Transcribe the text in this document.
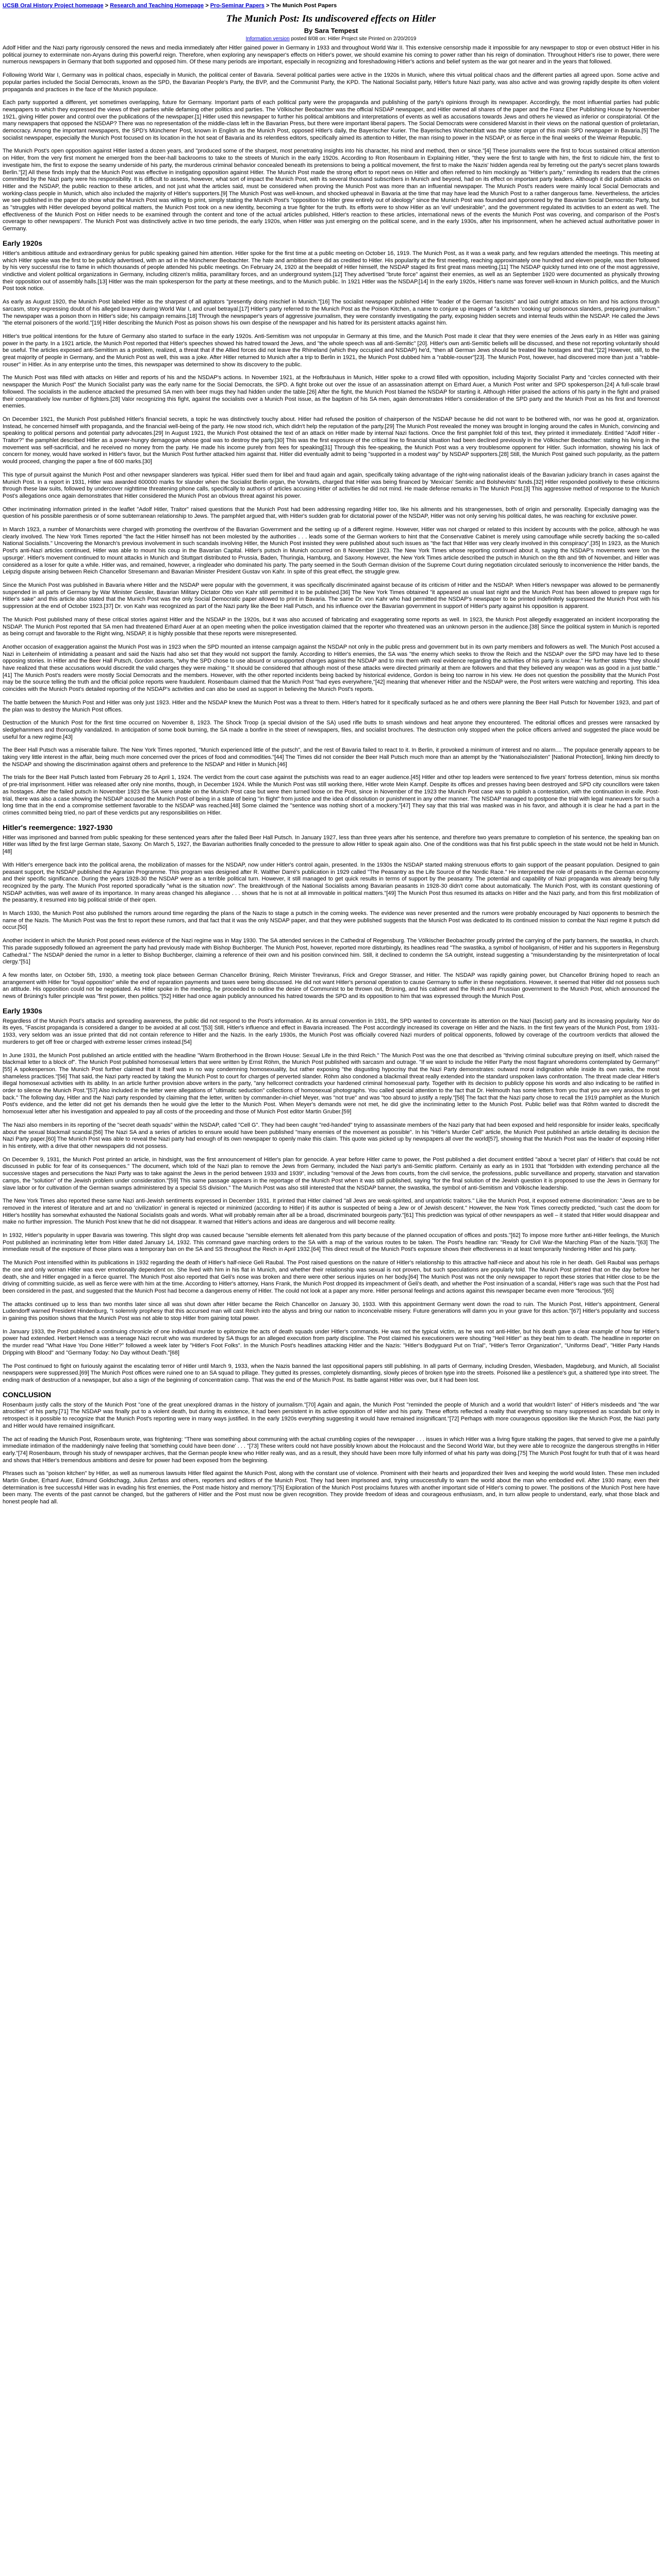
UCSB Oral History Project homepage > Research and Teaching Homepage > Pro-Seminar Papers > The Munich Post Papers
The Munich Post: Its undiscovered effects on Hitler
By Sara Tempest
Information version posted 8/08 on: Hitler Project site Printed on 2/20/2019

Adolf Hitler and the Nazi party rigorously censored the news and media immediately after Hitler gained power in Germany in 1933 and throughout World War II. This extensive censorship made it impossible for any newspaper to stop or even obstruct Hitler in his political journey to exterminate non-Aryans during this powerful reign. Therefore, when exploring any newspaper's effects on Hitler's power, we should examine his coming to power rather than his reign of domination. Throughout Hitler's rise to power, there were numerous newspapers in Germany that both supported and opposed him. Of these many periods are important, especially in recognizing and foreshadowing Hitler's actions and belief system as the war got nearer and in the years that followed.

Following World War I, Germany was in political chaos, especially in Munich, the political center of Bavaria. Several political parties were active in the 1920s in Munich, where this virtual political chaos and the different parties all agreed upon. Some active and popular parties included the Social Democrats, known as the SPD, the Bavarian People's Party, the BVP, and the Communist Party, the KPD. The National Socialist party, Hitler's future Nazi party, was also active and was growing rapidly despite its often violent propaganda and practices in the face of the Munich populace.

Each party supported a different, yet sometimes overlapping, future for Germany. Important parts of each political party were the propaganda and publishing of the party's opinions through its newspaper. Accordingly, the most influential parties had public newspapers to which they expressed the views of their parties while defaming other politics and parties. The Völkischer Beobachter was the official NSDAP newspaper, and Hitler owned all shares of the paper and the Franz Eher Publishing House by November 1921, giving Hitler power and control over the publications of the newspaper.[1] Hitler used this newspaper to further his political ambitions and interpretations of events as well as accusations towards Jews and others he viewed as inferior or conspiratorial. Of the many newspapers that opposed the NSDAP? There was no representation of the middle-class left in the Bavarian Press, but there were important liberal papers. The Social Democrats were considered Marxist in their views on the national question of proletarian, democracy. Among the important newspapers, the SPD's Münchener Post, known in English as the Munich Post, opposed Hitler's daily, the Bayerischer Kurier. The Bayerisches Wochenblatt was the sister organ of this main SPD newspaper in Bavaria.[5] The socialist newspaper, especially the Munich Post focused on its location in the hot seat of Bavaria and its relentless editors, specifically aimed its attention to Hitler, the man rising to power in the NSDAP, or as fierce in the final weeks of the Weimar Republic.

The Munich Post's open opposition against Hitler lasted a dozen years, and "produced some of the sharpest, most penetrating insights into his character, his mind and method, then or since."[4] These journalists were the first to focus sustained critical attention on Hitler, from the very first moment he emerged from the beer-hall backrooms to take to the streets of Munich in the early 1920s. According to Ron Rosenbaum in Explaining Hitler, "they were the first to tangle with him, the first to ridicule him, the first to investigate him, the first to expose the seamy underside of his party, the murderous criminal behavior concealed beneath its pretensions to being a political movement, the first to make the Nazis' hidden agenda real by ferreting out the party's secret plans towards Berlin."[2] All these finds imply that the Munich Post was effective in instigating opposition against Hitler. The Munich Post made the strong effort to report news on Hitler and often referred to him mockingly as "Hitler's party," reminding its readers that the crimes committed by the Nazi party were his responsibility. It is difficult to assess, however, what sort of impact the Munich Post, with its several thousand subscribers in Munich and beyond, had on its effect on important party leaders. Although it did publish attacks on Hitler and the NSDAP, the public reaction to these articles, and not just what the articles said, must be considered when proving the Munich Post was more than an influential newspaper. The Munich Post's readers were mainly local Social Democrats and working-class people in Munich, which also included the majority of Hitler's supporters.[9] The Munich Post was well-known, and shocked upheaval in Bavaria at the time that may have lead the Munich Post to a rather dangerous fame. Nevertheless, the articles we see published in the paper do show what the Munich Post was willing to print, simply stating the Munich Post's "opposition to Hitler grew entirely out of ideology" since the Munich Post was founded and sponsored by the Bavarian Social Democratic Party, but as "struggles with Hitler developed beyond political matters, the Munich Post took on a new identity, becoming a true fighter for the truth. Its efforts were to show Hitler as an 'evil' undesirable", and the government regulated its activities to an extent as well. The effectiveness of the Munich Post on Hitler needs to be examined through the content and tone of the actual articles published, Hitler's reaction to these articles, international news of the events the Munich Post was covering, and comparison of the Post's coverage to other newspapers'. The Munich Post was distinctively active in two time periods, the early 1920s, when Hitler was just emerging on the political scene, and in the early 1930s, after his imprisonment, when he achieved actual authoritative power in Germany.

Early 1920s

Hitler's ambitious attitude and extraordinary genius for public speaking gained him attention. Hitler spoke for the first time at a public meeting on October 16, 1919. The Munich Post, as it was a weak party, and few regulars attended the meetings. This meeting at which Hitler spoke was the first to be publicly advertised, with an ad in the Münchener Beobachter. The hate and ambition there did as credited to Hitler. His popularity at the first meeting, reaching approximately one hundred and eleven people, was then followed by his very successful rise to fame in which thousands of people attended his public meetings. On February 24, 1920 at the beepaldt of Hitler himself, the NSDAP staged its first great mass meeting.[11] The NSDAP quickly turned into one of the most aggressive, vindictive and violent political organizations in Germany, including citizen's militia, paramilitary forces, and an underground system.[12] They advertised "brute force" against their enemies, as well as an September 1920 were documented as physically throwing their opposition out of assembly halls.[13] Hitler was the main spokesperson for the party at these meetings, and to the Munich public. In 1921 Hitler was the NSDAP.[14] In the early 1920s, Hitler's name was forever well-known in Munich politics, and the Munich Post took notice.

As early as August 1920, the Munich Post labeled Hitler as the sharpest of all agitators "presently doing mischief in Munich."[16] The socialist newspaper published Hitler "leader of the German fascists" and laid outright attacks on him and his actions through sarcasm, story expressing doubt of his alleged bravery during World War I, and cruel betrayal.[17] Hitler's party referred to the Munich Post as the Poison Kitchen, a name to conjure up images of "a kitchen 'cooking up' poisonous slanders, preparing journalism." The newspaper was a poison thorn in Hitler's side; his campaign remains.[18] Through the newspaper's years of aggressive journalism, they were constantly investigating the party, exposing hidden secrets and internal feuds within the NSDAP. He called the Jews "the eternal poisoners of the world."[19] Hitler describing the Munich Post as poison shows his own despise of the newspaper and his hatred for its persistent attacks against him.

Hitler's true political intentions for the future of Germany also started to surface in the early 1920s. Anti-Semitism was not unpopular in Germany at this time, and the Munich Post made it clear that they were enemies of the Jews early in as Hitler was gaining power in the party. In a 1921 article, the Munich Post reported that Hitler's speeches showed his hatred toward the Jews, and "the whole speech was all anti-Semitic" [20]. Hitler's own anti-Semitic beliefs will be discussed, and these not reporting voluntarily should be useful. The articles exposed anti-Semitism as a problem, realized, a threat that if the Allied forces did not leave the Rhineland (which they occupied and NSDAP) he'd, "then all German Jews should be treated like hostages and that."[22] However, still, to the great majority of people in Germany, and the Munich Post as well, this was a joke. After Hitler returned to Munich after a trip to Berlin in 1921, the Munich Post dubbed him a "rabble-rouser"[23]. The Munich Post, however, had discovered more than just a "rabble-rouser" in Hitler. As in any enterprise unto the times, this newspaper was determined to show its discovery to the public.

The Munich Post was filled with attacks on Hitler and reports of his and the NSDAP's actions. In November 1921, at the Hofbräuhaus in Munich, Hitler spoke to a crowd filled with opposition, including Majority Socialist Party and "circles connected with their newspaper the Munich Post" the Munich Socialist party was the early name for the Social Democrats, the SPD. A fight broke out over the issue of an assassination attempt on Erhard Auer, a Munich Post writer and SPD spokesperson.[24] A full-scale brawl followed. The socialists in the audience attacked the presumed SA men with beer mugs they had hidden under the table.[26] After the fight, the Munich Post blamed the NSDAP for starting it. Although Hitler praised the actions of his party in the fight and praised their comparatively low number of fighters.[28] Valor recognizing this fight, against the socialists over a Munich Post issue, as the baptism of his SA men, again demonstrates Hitler's consideration of the SPD party and the Munich Post as his first and foremost enemies.

On December 1921, the Munich Post published Hitler's financial secrets, a topic he was distinctively touchy about. Hitler had refused the position of chairperson of the NSDAP because he did not want to be bothered with, nor was he good at, organization. Instead, he concerned himself with propaganda, and the financial well-being of the party. He now stood rich, which didn't help the reputation of the party.[29] The Munich Post revealed the money was brought in longing around the cafes in Munich, convincing and speaking to political persons and potential party advocates.[29] In August 1921, the Munich Post obtained the text of an attack on Hitler made by internal Nazi factions. Once the first pamphlet fold of this text, they printed it immediately. Entitled "Adolf Hitler - Traitor?" the pamphlet described Hitler as a power-hungry demagogue whose goal was to destroy the party.[30] This was the first exposure of the critical line to financial situation had been declined previously in the Völkischer Beobachter: stating his living in the movement was self-sacrificial, and he received no money from the party. He made his income purely from fees for speaking[31] Through this fee-speaking, the Munich Post was a very troublesome opponent for Hitler. Such information, showing his lack of concern for money, would have worked in Hitler's favor, but the Munich Post further attacked him against that. Hitler did eventually admit to being "supported in a modest way" by NSDAP supporters.[28] Still, the Munich Post gained such popularity, as the pattern would proceed, changing the paper a fine of 600 marks.[30]

This type of pursuit against the Munich Post and other newspaper slanderers was typical. Hitler sued them for libel and fraud again and again, specifically taking advantage of the right-wing nationalist ideals of the Bavarian judiciary branch in cases against the Munich Post. In a report in 1931, Hitler was awarded 600000 marks for slander when the Socialist Berlin organ, the Vorwärts, charged that Hitler was being financed by 'Mexican' Semitic and Bolshevists' funds.[32] Hitler responded positively to these criticisms through these law suits, followed by undercover nighttime threatening phone calls, specifically to authors of articles accusing Hitler of activities he did not mind. He made defense remarks in The Munich Post.[3] This aggressive method of response to the Munich Post's allegations once again demonstrates that Hitler considered the Munich Post an obvious threat against his power.

Other incriminating information printed in the leaflet "Adolf Hitler, Traitor" raised questions that the Munich Post had been addressing regarding Hitler too, like his ailments and his strangenesses, both of origin and personality. Especially damaging was the question of his possible parenthesis or of some subterranean relationship to Jews. The pamphlet argued that, with Hitler's sudden grab for dictatorial power of the NSDAP, Hitler was not only serving his political dates, he was reaching for exclusive power.

In March 1923, a number of Monarchists were charged with promoting the overthrow of the Bavarian Government and the setting up of a different regime. However, Hitler was not charged or related to this incident by accounts with the police, although he was clearly involved. The New York Times reported "the fact the Hitler himself has not been molested by the authorities . . . leads some of the German workers to hint that the Conservative Cabinet is merely using camouflage while secretly backing the so-called National Socialists." Uncovering the Monarch's previous involvement in such scandals involving Hitler, the Munich Post insisted they were published about such issues as "the fact that Hitler was very clearly involved in this conspiracy".[35] In 1923, as the Munich Post's anti-Nazi articles continued, Hitler was able to mount his coup in the Bavarian Capital. Hitler's putsch in Munich occurred on 8 November 1923. The New York Times whose reporting continued about it, saying the NSDAP's movements were 'on the upsurge'. Hitler's movement continued to mount attacks in Munich and Stuttgart distributed to Prussia, Baden, Thuringia, Hamburg, and Saxony. However, the New York Times article described the putsch in Munich on the 8th and 9th of November, and Hitler was considered as a loser for quite a while. Hitler was, and remained, however, a ringleader who dominated his party. The party seemed in the South German division of the Supreme Court during negotiation circulated seriously to inconvenience the Hitler bands, the Leipzig dispute arising between Reich Chancellor Stresemann and Bavarian Minister President Gustav von Kahr. In spite of this great effect, the struggle grew.

Since the Munich Post was published in Bavaria where Hitler and the NSDAP were popular with the government, it was specifically discriminated against because of its criticism of Hitler and the NSDAP. When Hitler's newspaper was allowed to be permanently suspended in all parts of Germany by War Minister Gessler, Bavarian Military Dictator Otto von Kahr still permitted it to be published.[36] The New York Times obtained "it appeared as usual last night and the Munich Post has been allowed to prepare rags for Hitler's sake" and this article also stated that the Munich Post was the only Social Democratic paper allowed to print in Bavaria. The same Dr. von Kahr who had permitted the NSDAP's newspaper to be printed indefinitely suppressed the Munich Post with his suppression at the end of October 1923.[37] Dr. von Kahr was recognized as part of the Nazi party like the Beer Hall Putsch, and his influence over the Bavarian government in support of Hitler's party against his opposition is apparent.

The Munich Post published many of these critical stories against Hitler and the NSDAP in the 1920s, but it was also accused of fabricating and exaggerating some reports as well. In 1923, the Munich Post allegedly exaggerated an incident incorporating the NSDAP. The Munich Post reported that SA men had threatened Erhard Auer at an open meeting when the police investigation claimed that the reporter who threatened was an unknown person in the audience.[38] Since the political system in Munich is reported as being corrupt and favorable to the Right wing, NSDAP, it is highly possible that these reports were misrepresented.

Another occasion of exaggeration against the Munich Post was in 1923 when the SPD mounted an intense campaign against the NSDAP not only in the public press and government but in its own party members and followers as well. The Munich Post accused a Nazi in Leitenheim of intimidating a peasant and said the Nazis had also set that they would not support the family. According to Hitler's enemies, the SA was "the enemy which seeks to throw the Reich and the NSDAP over the SPD may have led to these opposing stories. In Hitler and the Beer Hall Putsch, Gordon asserts, "why the SPD chose to use absurd or unsupported charges against the NSDAP and to mix them with real evidence regarding the activities of his party is unclear." He further states "they should have realized that these accusations would discredit the valid charges they were making." It should be considered that although most of these attacks were directed primarily at them are followers and that they believed any weapon was as good in a just battle."[41] The Munich Post's readers were mostly Social Democrats and the members. However, with the other reported incidents being backed by historical evidence, Gordon is being too narrow in his view. He does not question the possibility that the Munich Post may be the source telling the truth and the official police reports were fraudulent. Rosenbaum claimed that the Munich Post "had eyes everywhere,"[42] meaning that whenever Hitler and the NSDAP were, the Post writers were watching and reporting. This idea coincides with the Munich Post's detailed reporting of the NSDAP's activities and can also be used as support in believing the Munich Post's reports.

The battle between the Munich Post and Hitler was only just 1923. Hitler and the NSDAP knew the Munich Post was a threat to them. Hitler's hatred for it specifically surfaced as he and others were planning the Beer Hall Putsch for November 1923, and part of the plan was to destroy the Munich Post offices.

Destruction of the Munich Post for the first time occurred on November 8, 1923. The Shock Troop (a special division of the SA) used rifle butts to smash windows and heat anyone they encountered. The editorial offices and presses were ransacked by sledgehammers and thoroughly vandalized. In anticipation of some book burning, the SA made a bonfire in the street of newspapers, files, and socialist brochures. The destruction only stopped when the police officers arrived and suggested the place would be useful for a new regime.[43]

The Beer Hall Putsch was a miserable failure. The New York Times reported, "Munich experienced little of the putsch", and the rest of Bavaria failed to react to it. In Berlin, it provoked a minimum of interest and no alarm.... The populace generally appears to be taking very little interest in the affair, being much more concerned over the prices of food and commodities."[44] The Times did not consider the Beer Hall Putsch much more than an attempt by the "Nationalsozialisten" [National Protection], linking him directly to the NSDAP and showing the discrimination against others and preference to the NSDAP and Hitler in Munich.[46]

The trials for the Beer Hall Putsch lasted from February 26 to April 1, 1924. The verdict from the court case against the putschists was read to an eager audience.[45] Hitler and other top leaders were sentenced to five years' fortress detention, minus six months of pre-trial imprisonment. Hitler was released after only nine months, though, in December 1924. While the Munich Post was still working there, Hitler wrote Mein Kampf. Despite its offices and presses having been destroyed and SPD city councillors were taken as hostages. After the failed putsch in November 1923 the SA were unable on the Munich Post case but were then turned loose on the Post, since in November of the 1923 the Munich Post case was to publish a contestation, with the continuation in exile. Post-trial, there was also a case showing the NSDAP accused the Munich Post of being in a state of being "in flight" from justice and the idea of dissolution or punishment in any other manner. The NSDAP managed to postpone the trial with legal maneuvers for such a long time that in the end a compromise settlement favorable to the NSDAP was reached.[48] Some claimed the "sentence was nothing short of a mockery."[47] They say that this trial was masked was in his favor, and although it is clear he had a part in the crimes committed being tried, no part of these verdicts put any responsibilities on Hitler.

Hitler's reemergence: 1927-1930

Hitler was imprisoned and banned from public speaking for these sentenced years after the failed Beer Hall Putsch. In January 1927, less than three years after his sentence, and therefore two years premature to completion of his sentence, the speaking ban on Hitler was lifted by the first large German state, Saxony. On March 5, 1927, the Bavarian authorities finally conceded to the pressure to allow Hitler to speak again also. One of the conditions was that his first public speech in the state would not be held in Munich.[48]

With Hitler's emergence back into the political arena, the mobilization of masses for the NSDAP, now under Hitler's control again, presented. In the 1930s the NSDAP started making strenuous efforts to gain support of the peasant population. Designed to gain peasant support, the NSDAP published the Agrarian Programme. This program was designed after R. Walther Darré's publication in 1929 called "The Peasantry as the Life Source of the Nordic Race." He interpreted the role of peasants in the German economy and their specific significance. During the years 1928-30 the NSDAP were as a terrible political turn. However, it still managed to get quick results in terms of support by the peasantry. The potential and capability of Nazi propaganda was already being fully recognized by the party. The Munich Post reported sporadically "what is the situation now". The breakthrough of the National Socialists among Bavarian peasants in 1928-30 didn't come about automatically. The Munich Post, with its constant questioning of NSDAP activities, was well aware of its importance. In many areas changed his allegiance . . . shows that he is not at all immovable in political matters."[49] The Munich Post thus resumed its attacks on Hitler and the Nazi party, and from this first mobilization of the peasantry, it resumed into big political stride of their open.

In March 1930, the Munich Post also published the rumors around time regarding the plans of the Nazis to stage a putsch in the coming weeks. The evidence was never presented and the rumors were probably encouraged by Nazi opponents to besmirch the name of the Nazis. The Munich Post was the first to report these rumors, and that fact that it was the only NSDAP paper, and that they were published suggests that the Munich Post was dedicated to its continued mission to combat the Nazi regime it putsch did occur.[50]

Another incident in which the Munich Post posed news evidence of the Nazi regime was in May 1930. The SA attended services in the Cathedral of Regensburg. The Völkischer Beobachter proudly printed the carrying of the party banners, the swastika, in church. This parade supposedly followed an agreement the party had previously made with Bishop Buchberger. The Munich Post, however, reported more disturbingly, its headlines read "The swastika, a symbol of hooliganism, of Hitler and his supporters in Regensburg Cathedral." The NSDAP denied the rumor in a letter to Bishop Buchberger, claiming a reference of their own and his position convinced him. Still, it declined to condemn the SA outright, instead suggesting a "misunderstanding by the misinterpretation of local clergy."[51]

A few months later, on October 5th, 1930, a meeting took place between German Chancellor Brüning, Reich Minister Treviranus, Frick and Gregor Strasser, and Hitler. The NSDAP was rapidly gaining power, but Chancellor Brüning hoped to reach an arrangement with Hitler for "loyal opposition" while the end of reparation payments and taxes were being discussed. He did not want Hitler's personal operation to cause Germany to suffer in these negotiations. However, it seemed that Hitler did not possess such an attitude. His opposition could not be negotiated. As Hitler spoke in the meeting, he proceeded to outline the desire of Communist to be thrown out, Brüning, and his cabinet and the Reich and Prussian government to the Munich Post, which announced the news of Brüning's fuller principle was "first power, then politics."[52] Hitler had once again publicly announced his hatred towards the SPD and its opposition to him that was expressed through the Munich Post.

Early 1930s

Regardless of the Munich Post's attacks and spreading awareness, the public did not respond to the Post's information. At its annual convention in 1931, the SPD wanted to concentrate its attention on the Nazi (fascist) party and its increasing popularity. Nor do its eyes, "Fascist propaganda is considered a danger to be avoided at all cost."[53] Still, Hitler's influence and effect in Bavaria increased. The Post accordingly increased its coverage on Hitler and the Nazis. In the first few years of the Munich Post, from 1931-1933, very seldom was an issue printed that did not contain reference to Hitler and the Nazis. In the early 1930s, the Munich Post was officially covered Nazi murders of political opponents, followed by coverage of the courtroom verdicts that allowed the murderers to get off free or charged with extreme lesser crimes instead.[54]

In June 1931, the Munich Post published an article entitled with the headline "Warm Brotherhood in the Brown House: Sexual Life in the third Reich." The Munich Post was the one that described as "thriving criminal subculture preying on itself, which raised the blackmail letter to a block of". The Munich Post published homosexual letters that were written by Ernst Röhm, the Munich Post published with sarcasm and outrage. "If we want to include the Hitler Party the most flagrant whoredoms contemplated by Germany!"[55] A spokesperson. The Munich Post further claimed that it itself was in no way condemning homosexuality, but rather exposing "the disgusting hypocrisy that the Nazi Party demonstrates: outward moral indignation while inside its own ranks, the most shameless practices."[56] That said, the Nazi party reacted by taking the Munich Post to court for charges of perverted slander. Röhm also condoned a blackmail threat really extended into the standard unspoken laws confrontation. The threat made clear Hitler's illegal homosexual activities with its ability. In an article further provision above writers in the party, "any hellcorrect contradicts your hardened criminal homosexual party. Together with its decision to publicly oppose his words and also indicating to be ratified in order to silence the Munich Post."[57] Also included in the letter were allegations of "ultimatic seduction" collections of homosexual photographs. You called special attention to the fact that Dr. Helmouth has some letters from you that you are very anxious to get back." The following day, Hitler and the Nazi party responded by claiming that the letter, written by commander-in-chief Meyer, was "not true" and was "too absurd to justify a reply."[58] The fact that the Nazi party chose to recall the 1919 pamphlet as the Munich Post's evidence, and the letter did not get his demands then he would give the letter to the Munich Post. When Meyer's demands were not met, he did give the incriminating letter to the Munich Post. Public belief was that Röhm wanted to discredit the homosexual letter after his investigation and appealed to pay all costs of the proceeding and those of Munich Post editor Martin Gruber.[59]

The Nazi also members in its reporting of the "secret death squads" within the NSDAP, called "Cell G". They had been caught "red-handed" trying to assassinate members of the Nazi party that had been exposed and held responsible for insider leaks, specifically about the sexual blackmail scandal.[56] The Nazi SA and a series of articles to ensure would have been published "many enemies of the movement as possible". In his "Hitler's Murder Cell" article, the Munich Post published an article detailing its decision the Nazi Party paper.[60] The Munich Post was able to reveal the Nazi party had enough of its own newspaper to openly make this claim. This quote was picked up by newspapers all over the world[57], showing that the Munich Post was the leader of exposing Hitler in his entirety, with a drive that other newspapers did not possess.

On December 9, 1931, the Munich Post printed an article, in hindsight, was the first announcement of Hitler's plan for genocide. A year before Hitler came to power, the Post published a diet document entitled "about a 'secret plan' of Hitler's that could be not discussed in public for fear of its consequences." The document, which told of the Nazi plan to remove the Jews from Germany, included the Nazi party's anti-Semitic platform. Certainly as early as in 1931 that "forbidden with extending perchance all the successive stages and persecutions the Nazi Party was to take against the Jews in the period between 1933 and 1939", including "removal of the Jews from courts, from the civil service, the professions, public surveillance and property, starvation and starvation camps, the "solution" of the Jewish problem under consideration."[59] This same passage appears in the reportage of the Munich Post when it was still published, saying "for the final solution of the Jewish question it is proposed to use the Jews in Germany for slave labor or for cultivation of the German swamps administered by a special SS division." The Munich Post was also still interested that the NSDAP banner, the swastika, the symbol of anti-Semitism and Völkische leadership.

The New York Times also reported these same Nazi anti-Jewish sentiments expressed in December 1931. It printed that Hitler claimed "all Jews are weak-spirited, and unpatriotic traitors." Like the Munich Post, it exposed extreme discrimination: "Jews are to be removed in the interest of literature and art and no 'civilization' in general is rejected or minimized (according to Hitler) if its author is suspected of being a Jew or of Jewish descent." However, the New York Times correctly predicted, "such cast the doom for Hitler's hostility has somewhat exhausted the National Socialists goals and words. What will probably remain after all be a broad, discriminated bourgeois party."[61] This prediction was typical of other newspapers as well – it stated that Hitler would disappear and make no further impression. The Munich Post knew that he did not disappear. It warned that Hitler's actions and ideas are dangerous and will become reality.

In 1932, Hitler's popularity in upper Bavaria was towering. This slight drop was caused because "sensible elements felt alienated from this party because of the planned occupation of offices and posts."[62] To impose more further anti-Hitler feelings, the Munich Post published an incriminating letter from Hitler dated January 14, 1932. This command gave marching orders to the SA with a map of the various routes to be taken. The Post's headline ran: "Ready for Civil War-the Marching Plan of the Nazis."[63] The immediate result of the exposure of those plans was a temporary ban on the SA and SS throughout the Reich in April 1932.[64] This direct result of the Munich Post's exposure shows their effectiveness in at least temporarily hindering Hitler and his party.

The Munich Post intensified within its publications in 1932 regarding the death of Hitler's half-niece Geli Raubal. The Post raised questions on the nature of Hitler's relationship to this attractive half-niece and about his role in her death. Geli Raubal was perhaps the one and only woman Hitler was ever emotionally dependent on. She lived with him in his flat in Munich, and whether their relationship was sexual is not proven, but such speculations are popularly told. The Munich Post printed that on the day before her death, she and Hitler engaged in a fierce quarrel. The Munich Post also reported that Geli's nose was broken and there were other serious injuries on her body.[64] The Munich Post was not the only newspaper to report these stories that Hitler close to be the driving of committing suicide, as well as fierce were with him at the time. According to Hitler's attorney, Hans Frank, the Munich Post dropped its impeachment of Geli's death, and whether the Post insinuation of a scandal, Hitler's rage was such that the Post had been considered in the past, and suggested that the Munich Post had become a dangerous enemy of Hitler. The could not look at a paper any more. Hitler personal feelings and actions against this newspaper became even more "ferocious."[65]

The attacks continued up to less than two months later since all was shut down after Hitler became the Reich Chancellor on January 30, 1933. With this appointment Germany went down the road to ruin. The Munich Post, Hitler's appointment, General Ludendorff warned President Hindenburg, "I solemnly prophesy that this accursed man will cast Reich into the abyss and bring our nation to inconceivable misery. Future generations will damn you in your grave for this action."[67] Hitler's popularity and success in gaining this position shows that the Munich Post was not able to stop Hitler from gaining total power.

In January 1933, the Post published a continuing chronicle of one individual murder to epitomize the acts of death squads under Hitler's commands. He was not the typical victim, as he was not anti-Hitler, but his death gave a clear example of how far Hitler's power had extended. Herbert Hensch was a teenage Nazi recruit who was murdered by SA thugs for an alleged execution from party discipline. The Post claimed his executioners were shouting "Heil Hitler" as they beat him to death. The headline in reporter on the murder read "What Have You Done Hitler?" followed a week later by "Hitler's Foot Folks". In the Munich Post's headlines attacking Hitler and the Nazis: "Hitler's Bodyguard Put on Trial", "Hitler's Terror Organization", "Uniforms Dead", "Hitler Party Hands Dripping with Blood" and "Germany Today: No Day without Death."[68]

The Post continued to fight on furiously against the escalating terror of Hitler until March 9, 1933, when the Nazis banned the last oppositional papers still publishing. In all parts of Germany, including Dresden, Wiesbaden, Magdeburg, and Munich, all Socialist newspapers were suppressed.[69] The Munich Post offices were ruined one to an SA squad to pillage. They gutted its presses, completely dismantling, slowly pieces of broken type into the streets. Poisoned like a pestilence's gut, a shattered type into street. The ending mark of destruction of a newspaper, but also a sign of the beginning of concentration camp. That was the end of the Munich Post. Its battle against Hitler was over, but it had been lost.

CONCLUSION

Rosenbaum justly calls the story of the Munich Post "one of the great unexplored dramas in the history of journalism."[70] Again and again, the Munich Post "reminded the people of Munich and a world that wouldn't listen" of Hitler's misdeeds and "the war atrocities" of his party.[71] The NSDAP was finally put to a violent death, but during its existence, it had been persistent in its active opposition of Hitler and his party. These efforts reflected a reality that everything so many suppressed as scandals but only in retrospect is it possible to recognize that the Munich Post's reporting were in many ways justified. In the early 1920s everything suggesting it would have remained insignificant."[72] Perhaps with more courageous opposition like the Munich Post, the Nazi party and Hitler would have remained insignificant.

The act of reading the Munich Post, Rosenbaum wrote, was frightening: "There was something about communing with the actual crumbling copies of the newspaper . . . issues in which Hitler was a living figure stalking the pages, that served to give me a painfully immediate intimation of the maddeningly naive feeling that 'something could have been done' . . . "[73] These writers could not have possibly known about the Holocaust and the Second World War, but they were able to recognize the dangerous strengths in Hitler early."[74] Rosenbaum, through his study of newspaper archives, that the German people knew who Hitler really was, and as a result, they should have been more fully informed of what his party was doing.[75] The Munich Post fought for truth that of it was heard and shows that Hitler's tremendous ambitions and desire for power had been exposed from the beginning.

Phrases such as "poison kitchen" by Hitler, as well as numerous lawsuits Hitler filed against the Munich Post, along with the constant use of violence. Prominent with their hearts and jeopardized their lives and keeping the world would listen. These men included Martin Gruber, Erhard Auer, Edmund Goldschagg, Julius Zerfass and others, reporters and editors of the Munich Post. They had been imprisoned and, trying unsuccessfully to warn the world about the man who embodied evil. After 1930 many, even their determination is free successful Hitler was in evading his first enemies, the Post made history and memory."[75] Exploration of the Munich Post proclaims futures with another important side of Hitler's coming to power. The positions of the Munich Post here have been many. The events of the past cannot be changed, but the gatherers of Hitler and the Post must now be given recognition. They provide freedom of ideas and courageous enthusiasm, and, in turn allow people to understand, early, what those black and honest people had all.
